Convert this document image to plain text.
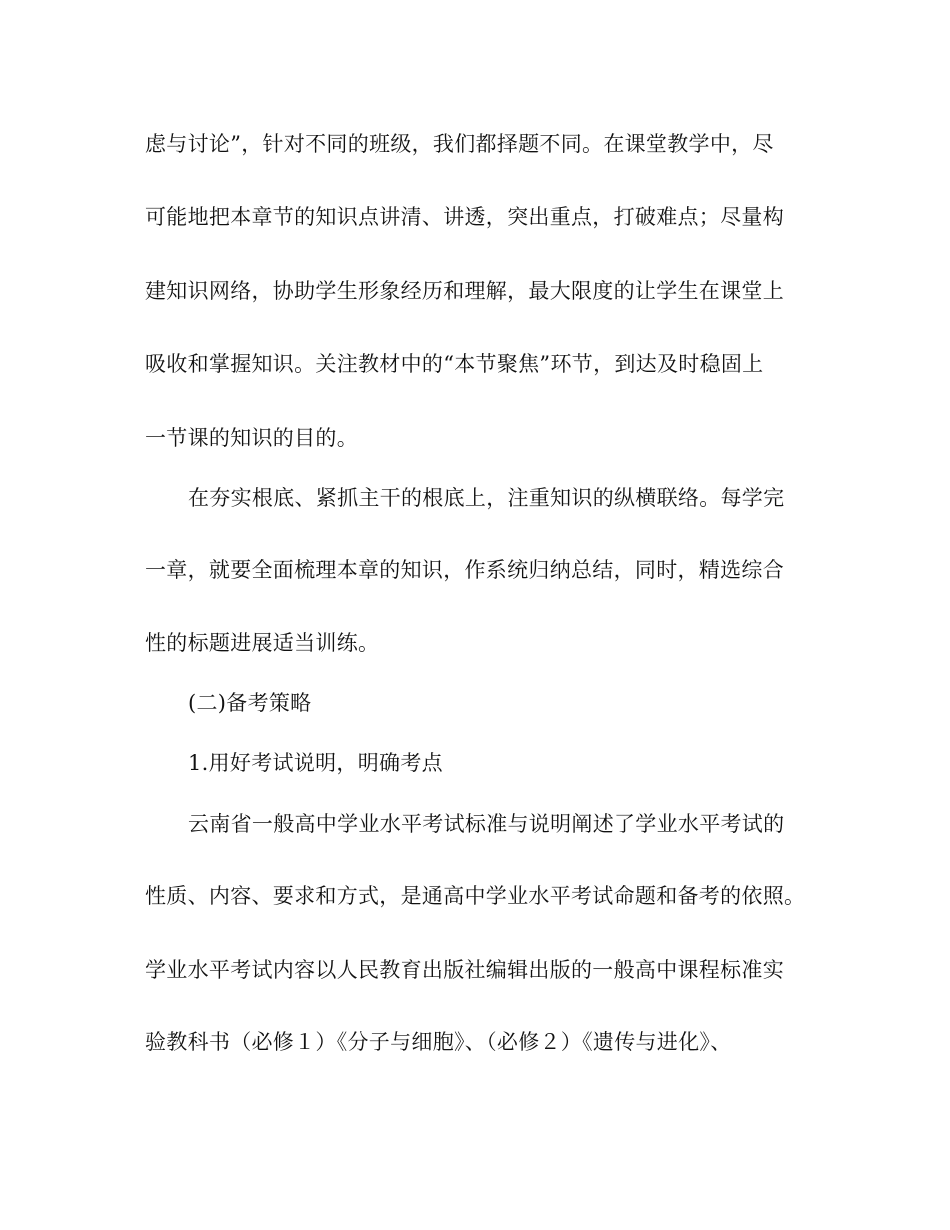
虑与讨论”，针对不同的班级，我们都择题不同。在课堂教学中，尽
可能地把本章节的知识点讲清、讲透，突出重点，打破难点；尽量构
建知识网络，协助学生形象经历和理解，最大限度的让学生在课堂上
吸收和掌握知识。关注教材中的“本节聚焦”环节，到达及时稳固上
一节课的知识的目的。
在夯实根底、紧抓主干的根底上，注重知识的纵横联络。每学完
一章，就要全面梳理本章的知识，作系统归纳总结，同时，精选综合
性的标题进展适当训练。
(二)备考策略
1.用好考试说明，明确考点
云南省一般高中学业水平考试标准与说明阐述了学业水平考试的
性质、内容、要求和方式，是通高中学业水平考试命题和备考的依照。
学业水平考试内容以人民教育出版社编辑出版的一般高中课程标准实
验教科书（必修１）《分子与细胞》、（必修２）《遗传与进化》、
